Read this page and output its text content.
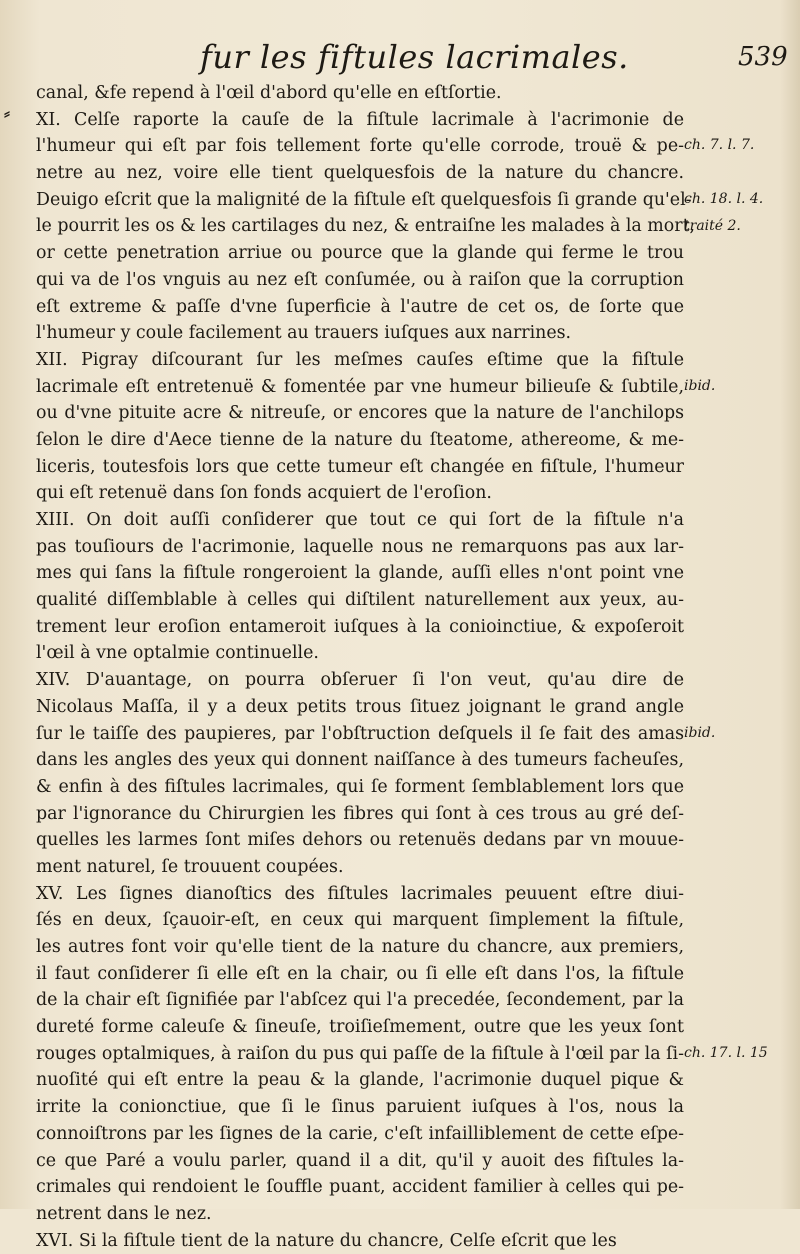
fur les fiftules lacrimales.	539
⸗
canal, &fe repend à l'œil d'abord qu'elle en eſtſortie.
XI. Celſe raporte la cauſe de la fiſtule lacrimale à l'acrimonie de
l'humeur qui eſt par fois tellement forte qu'elle corrode, trouë & pe-
netre au nez, voire elle tient quelquesfois de la nature du chancre.
Deuigo eſcrit que la malignité de la fiſtule eſt quelquesfois ſi grande qu'el-
le pourrit les os & les cartilages du nez, & entraiſne les malades à la mort,
or cette penetration arriue ou pource que la glande qui ferme le trou
qui va de l'os vnguis au nez eſt conſumée, ou à raiſon que la corruption
eſt extreme & paſſe d'vne ſuperficie à l'autre de cet os, de ſorte que
l'humeur y coule facilement au trauers iuſques aux narrines.
XII. Pigray diſcourant ſur les meſmes cauſes eſtime que la fiſtule
lacrimale eſt entretenuë & fomentée par vne humeur bilieuſe & ſubtile,
ou d'vne pituite acre & nitreuſe, or encores que la nature de l'anchilops
ſelon le dire d'Aece tienne de la nature du ſteatome, athereome, & me-
liceris, toutesfois lors que cette tumeur eſt changée en fiſtule, l'humeur
qui eſt retenuë dans ſon fonds acquiert de l'eroſion.
XIII. On doit auſſi conſiderer que tout ce qui ſort de la fiſtule n'a
pas touſiours de l'acrimonie, laquelle nous ne remarquons pas aux lar-
mes qui ſans la fiſtule rongeroient la glande, auſſi elles n'ont point vne
qualité diſſemblable à celles qui diſtilent naturellement aux yeux, au-
trement leur eroſion entameroit iuſques à la conioinctiue, & expoſeroit
l'œil à vne optalmie continuelle.
XIV. D'auantage, on pourra obſeruer ſi l'on veut, qu'au dire de
Nicolaus Maſſa, il y a deux petits trous ſituez joignant le grand angle
ſur le taiſſe des paupieres, par l'obſtruction deſquels il ſe fait des amas
dans les angles des yeux qui donnent naiſſance à des tumeurs facheuſes,
& enfin à des fiſtules lacrimales, qui ſe forment ſemblablement lors que
par l'ignorance du Chirurgien les fibres qui ſont à ces trous au gré deſ-
quelles les larmes ſont miſes dehors ou retenuës dedans par vn mouue-
ment naturel, ſe trouuent coupées.
XV. Les ſignes dianoſtics des fiſtules lacrimales peuuent eſtre diui-
ſés en deux, ſçauoir-eſt, en ceux qui marquent ſimplement la fiſtule,
les autres font voir qu'elle tient de la nature du chancre, aux premiers,
il faut conſiderer ſi elle eſt en la chair, ou ſi elle eſt dans l'os, la fiſtule
de la chair eſt ſignifiée par l'abſcez qui l'a precedée, ſecondement, par la
dureté forme caleuſe & ſineuſe, troiſieſmement, outre que les yeux ſont
rouges optalmiques, à raiſon du pus qui paſſe de la fiſtule à l'œil par la ſi-
nuoſité qui eſt entre la peau & la glande, l'acrimonie duquel pique &
irrite la conionctiue, que ſi le ſinus paruient iuſques à l'os, nous la
connoiſtrons par les ſignes de la carie, c'eſt infailliblement de cette eſpe-
ce que Paré a voulu parler, quand il a dit, qu'il y auoit des fiſtules la-
crimales qui rendoient le ſouffle puant, accident familier à celles qui pe-
netrent dans le nez.
XVI. Si la fiſtule tient de la nature du chancre, Celſe eſcrit que les
ch. 7. l. 7.
ch. 18. l. 4.
traité 2.
ibid.
ibid.
ch. 17. l. 15
